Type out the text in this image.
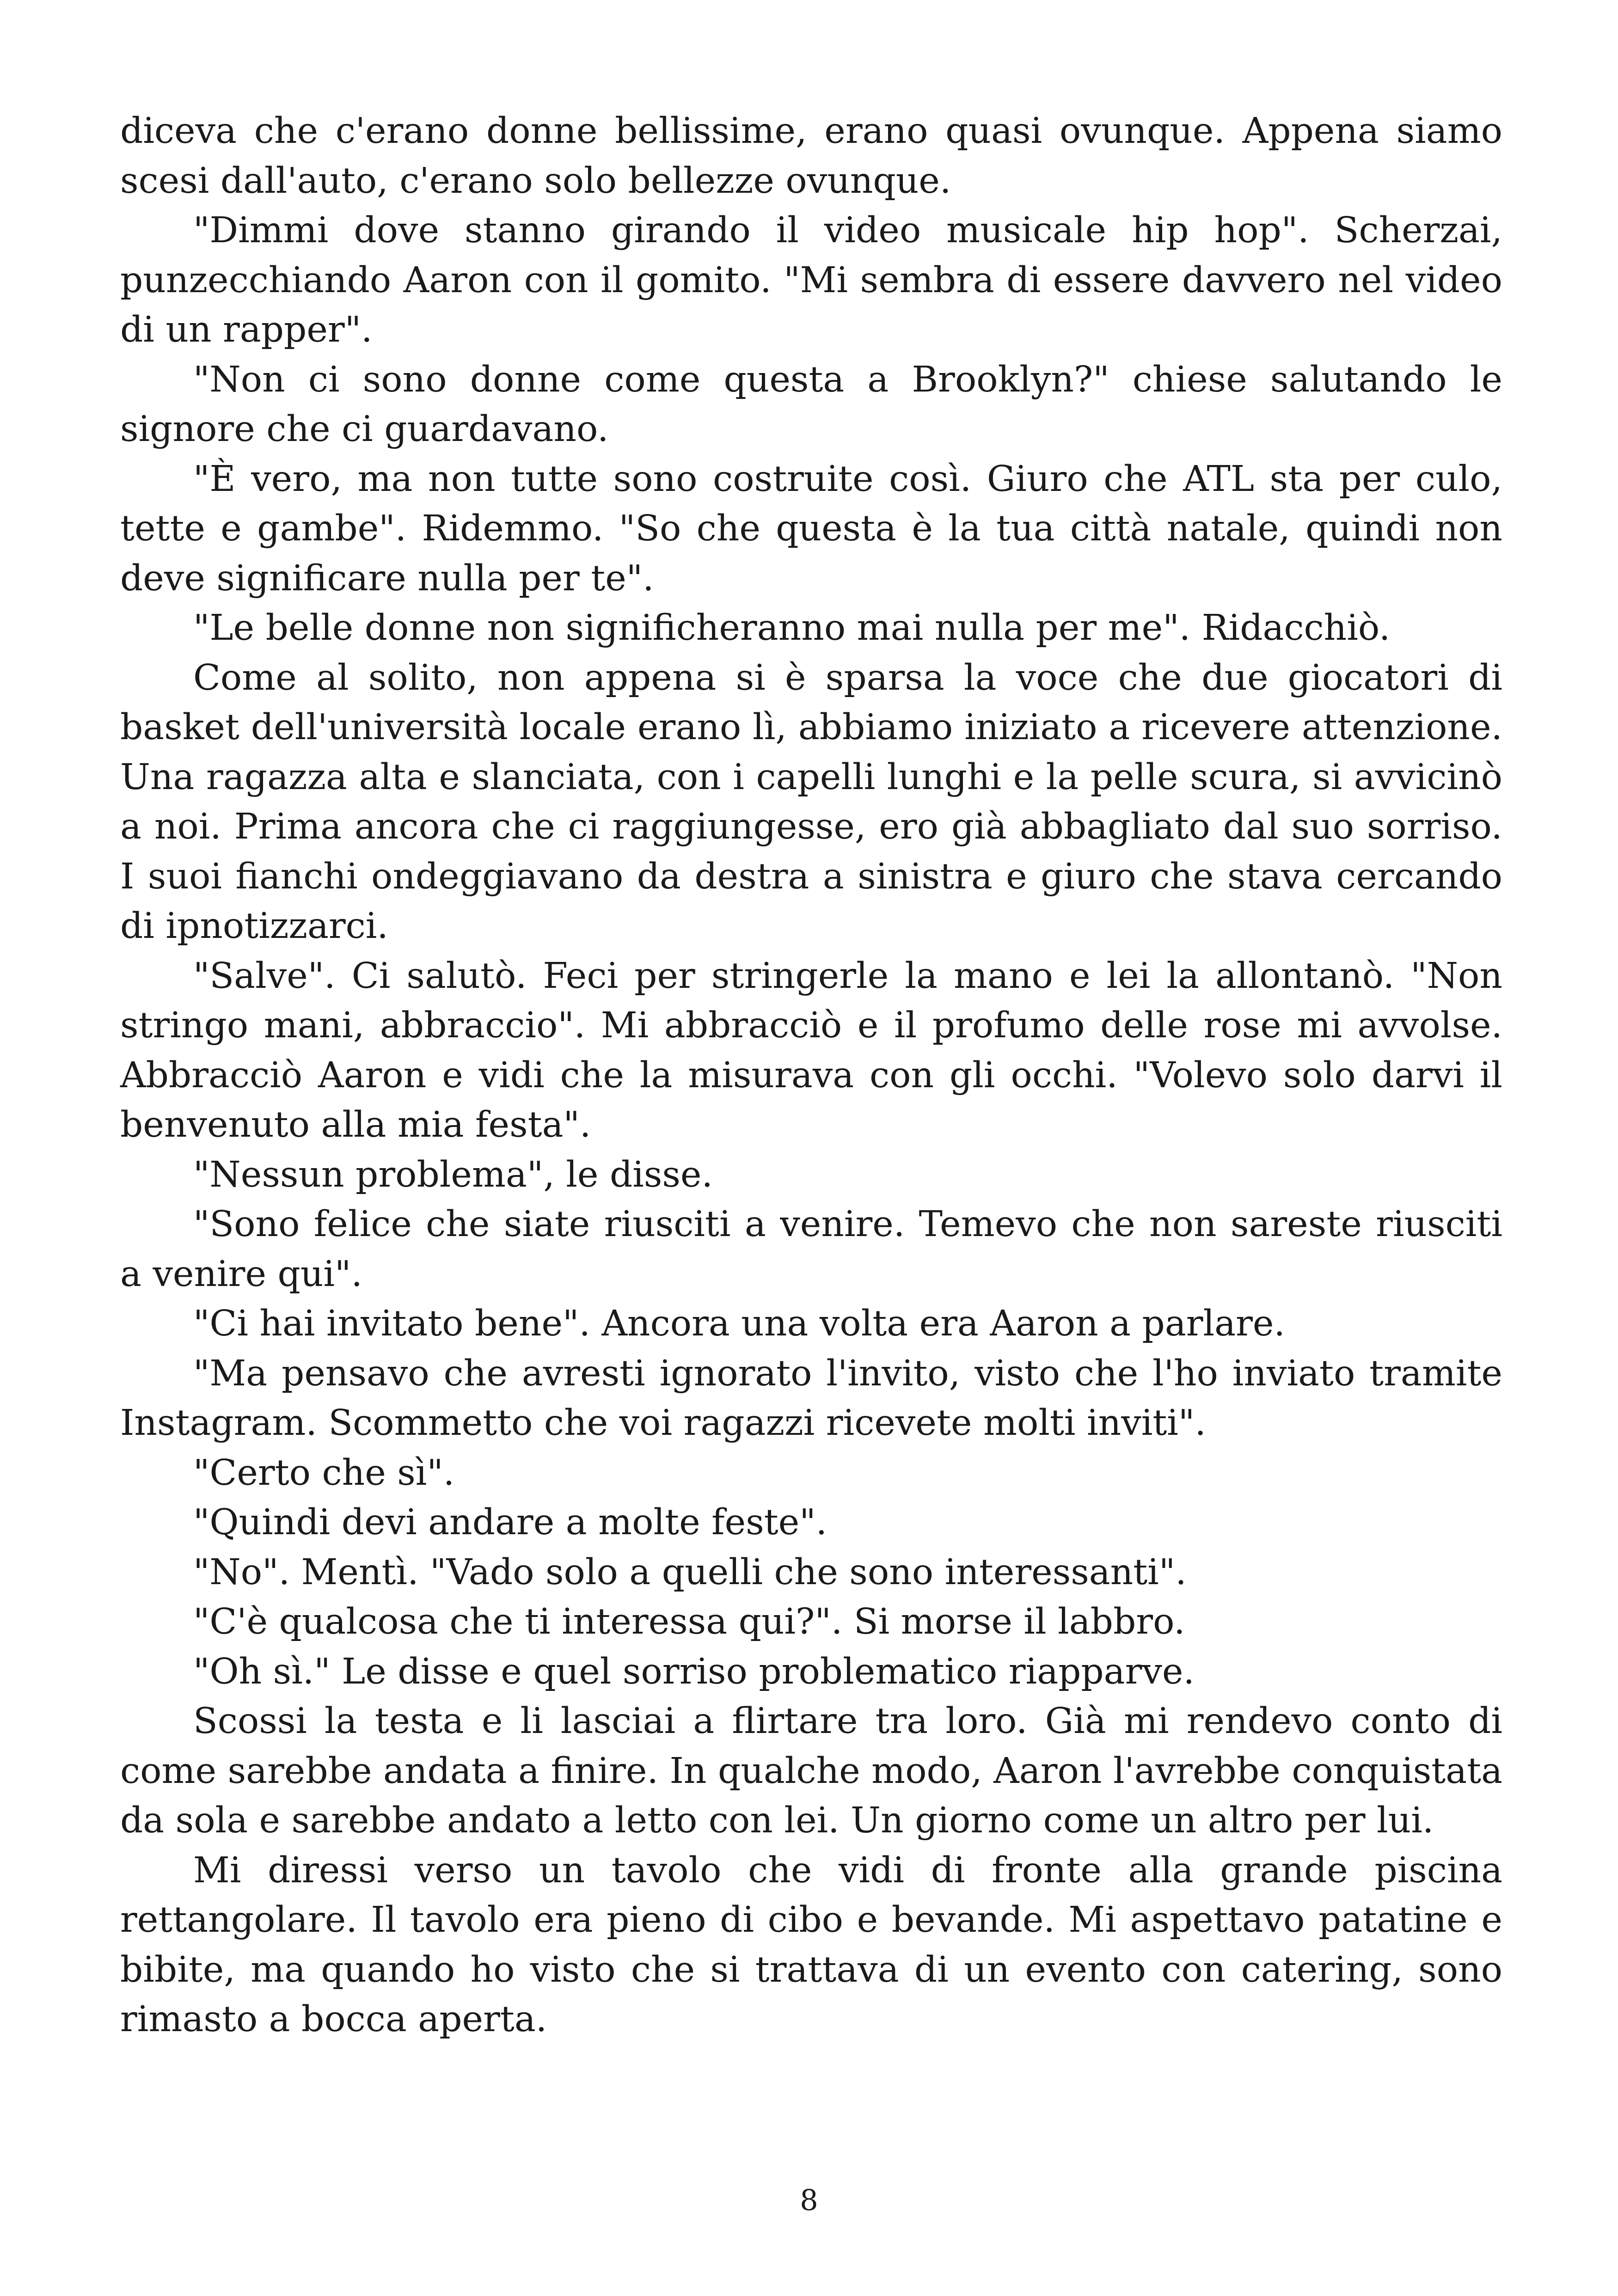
diceva che c'erano donne bellissime, erano quasi ovunque. Appena siamo scesi dall'auto, c'erano solo bellezze ovunque.

"Dimmi dove stanno girando il video musicale hip hop". Scherzai, punzecchiando Aaron con il gomito. "Mi sembra di essere davvero nel video di un rapper".

"Non ci sono donne come questa a Brooklyn?" chiese salutando le signore che ci guardavano.

"È vero, ma non tutte sono costruite così. Giuro che ATL sta per culo, tette e gambe". Ridemmo. "So che questa è la tua città natale, quindi non deve significare nulla per te".

"Le belle donne non significheranno mai nulla per me". Ridacchiò.

Come al solito, non appena si è sparsa la voce che due giocatori di basket dell'università locale erano lì, abbiamo iniziato a ricevere attenzione. Una ragazza alta e slanciata, con i capelli lunghi e la pelle scura, si avvicinò a noi. Prima ancora che ci raggiungesse, ero già abbagliato dal suo sorriso. I suoi fianchi ondeggiavano da destra a sinistra e giuro che stava cercando di ipnotizzarci.

"Salve". Ci salutò. Feci per stringerle la mano e lei la allontanò. "Non stringo mani, abbraccio". Mi abbracciò e il profumo delle rose mi avvolse. Abbracciò Aaron e vidi che la misurava con gli occhi. "Volevo solo darvi il benvenuto alla mia festa".

"Nessun problema", le disse.

"Sono felice che siate riusciti a venire. Temevo che non sareste riusciti a venire qui".

"Ci hai invitato bene". Ancora una volta era Aaron a parlare.

"Ma pensavo che avresti ignorato l'invito, visto che l'ho inviato tramite Instagram. Scommetto che voi ragazzi ricevete molti inviti".

"Certo che sì".

"Quindi devi andare a molte feste".

"No". Mentì. "Vado solo a quelli che sono interessanti".

"C'è qualcosa che ti interessa qui?". Si morse il labbro.

"Oh sì." Le disse e quel sorriso problematico riapparve.

Scossi la testa e li lasciai a flirtare tra loro. Già mi rendevo conto di come sarebbe andata a finire. In qualche modo, Aaron l'avrebbe conquistata da sola e sarebbe andato a letto con lei. Un giorno come un altro per lui.

Mi diressi verso un tavolo che vidi di fronte alla grande piscina rettangolare. Il tavolo era pieno di cibo e bevande. Mi aspettavo patatine e bibite, ma quando ho visto che si trattava di un evento con catering, sono rimasto a bocca aperta.

8
